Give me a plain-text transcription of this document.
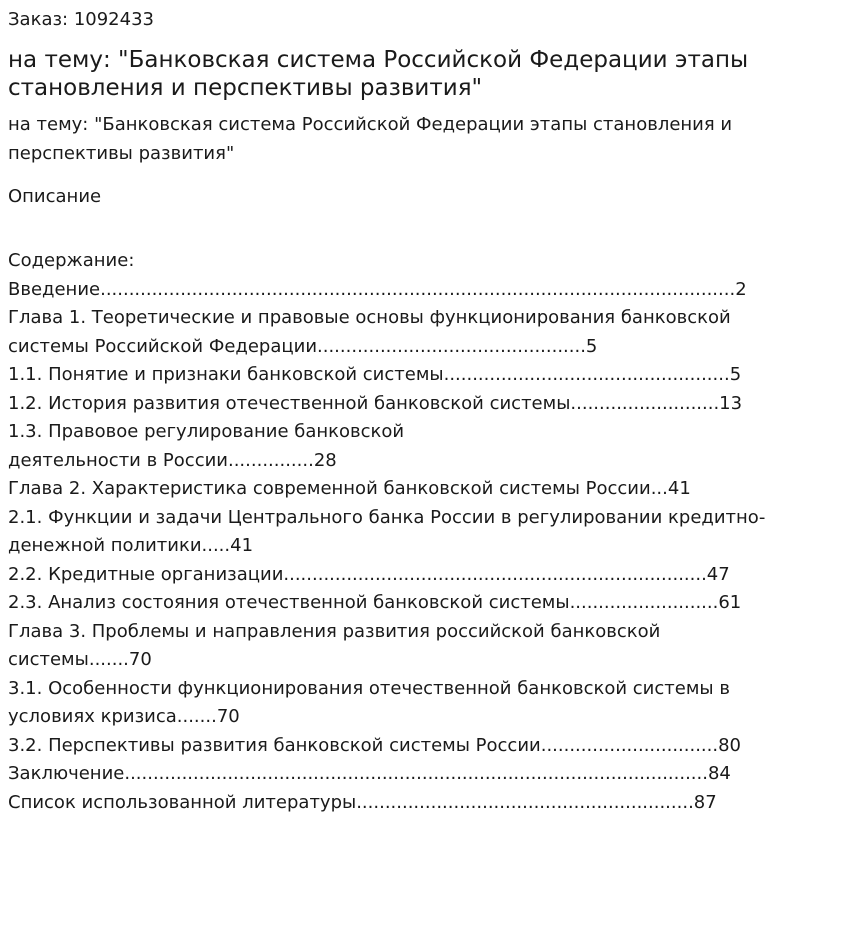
Заказ: 1092433

на тему: "Банковская система Российской Федерации этапы становления и перспективы развития"

на тему: "Банковская система Российской Федерации этапы становления и перспективы развития"

Описание

Содержание:

Введение...............................................................................................................2

Глава 1. Теоретические и правовые основы функционирования банковской

системы Российской Федерации...............................................5

1.1. Понятие и признаки банковской системы..................................................5

1.2. История развития отечественной банковской системы..........................13

1.3. Правовое регулирование банковской

деятельности в России...............28

Глава 2. Характеристика современной банковской системы России...41

2.1. Функции и задачи Центрального банка России в регулировании кредитно-

денежной политики.....41

2.2. Кредитные организации..........................................................................47

2.3. Анализ состояния отечественной банковской системы..........................61

Глава 3. Проблемы и направления развития российской банковской

системы.......70

3.1. Особенности функционирования отечественной банковской системы в

условиях кризиса.......70

3.2. Перспективы развития банковской системы России...............................80

Заключение......................................................................................................84

Список использованной литературы...........................................................87
